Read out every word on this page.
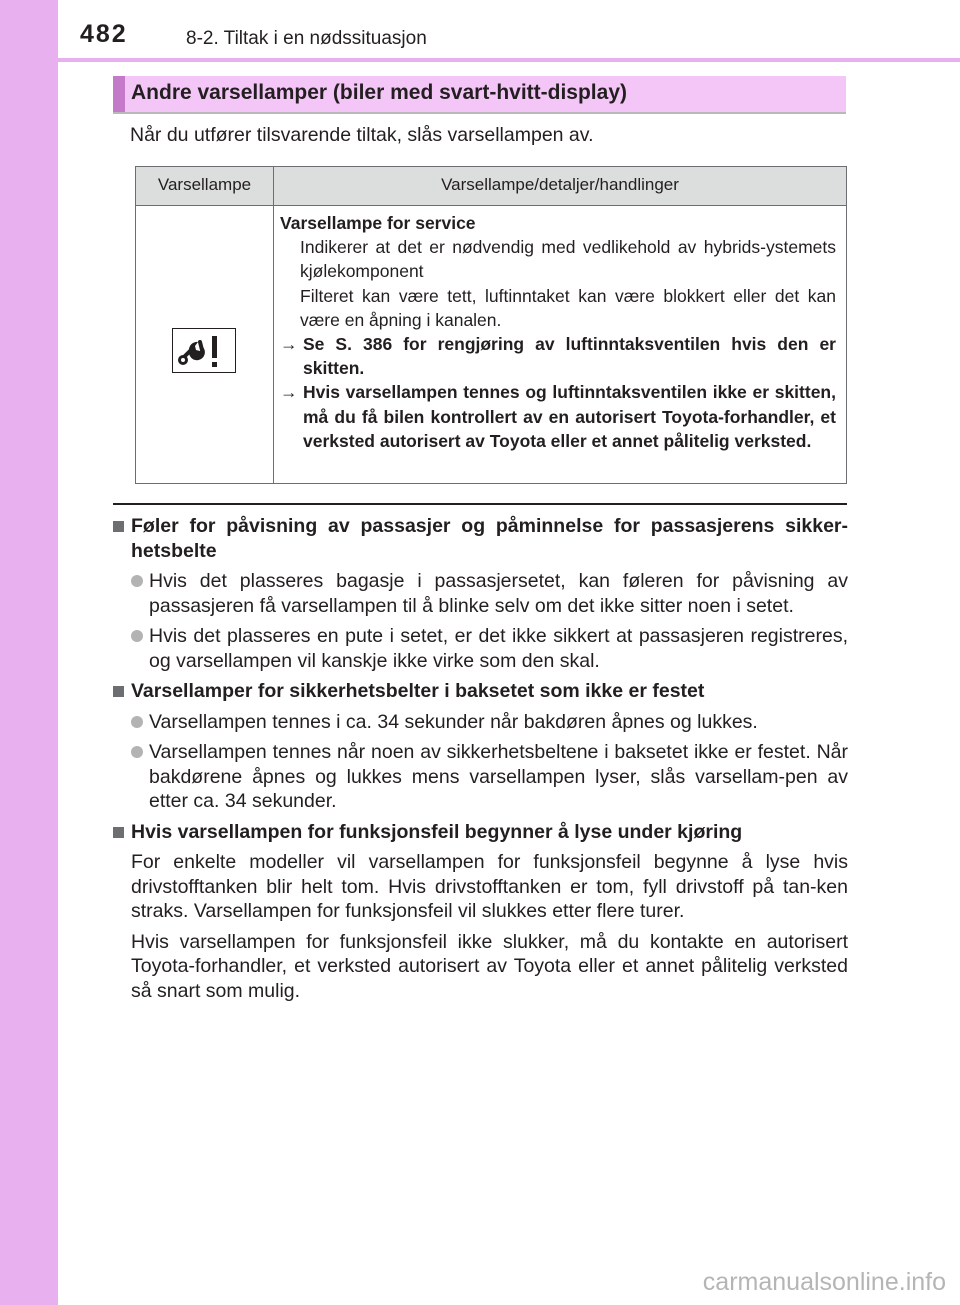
482	8-2. Tiltak i en nødssituasjon
Andre varsellamper (biler med svart-hvitt-display)
Når du utfører tilsvarende tiltak, slås varsellampen av.
Varsellampe	Varsellampe/detaljer/handlinger
Varsellampe for service
Indikerer at det er nødvendig med vedlikehold av hybrids-ystemets kjølekomponent
Filteret kan være tett, luftinntaket kan være blokkert eller det kan være en åpning i kanalen.
→ Se S. 386 for rengjøring av luftinntaksventilen hvis den er skitten.
→ Hvis varsellampen tennes og luftinntaksventilen ikke er skitten, må du få bilen kontrollert av en autorisert Toyota-forhandler, et verksted autorisert av Toyota eller et annet pålitelig verksted.

Føler for påvisning av passasjer og påminnelse for passasjerens sikker-hetsbelte

Hvis det plasseres bagasje i passasjersetet, kan føleren for påvisning av passasjeren få varsellampen til å blinke selv om det ikke sitter noen i setet.

Hvis det plasseres en pute i setet, er det ikke sikkert at passasjeren registreres, og varsellampen vil kanskje ikke virke som den skal.

Varsellamper for sikkerhetsbelter i baksetet som ikke er festet

Varsellampen tennes i ca. 34 sekunder når bakdøren åpnes og lukkes.

Varsellampen tennes når noen av sikkerhetsbeltene i baksetet ikke er festet. Når bakdørene åpnes og lukkes mens varsellampen lyser, slås varsellam-pen av etter ca. 34 sekunder.

Hvis varsellampen for funksjonsfeil begynner å lyse under kjøring

For enkelte modeller vil varsellampen for funksjonsfeil begynne å lyse hvis drivstofftanken blir helt tom. Hvis drivstofftanken er tom, fyll drivstoff på tan-ken straks. Varsellampen for funksjonsfeil vil slukkes etter flere turer.

Hvis varsellampen for funksjonsfeil ikke slukker, må du kontakte en autorisert Toyota-forhandler, et verksted autorisert av Toyota eller et annet pålitelig verksted så snart som mulig.

carmanualsonline.info
